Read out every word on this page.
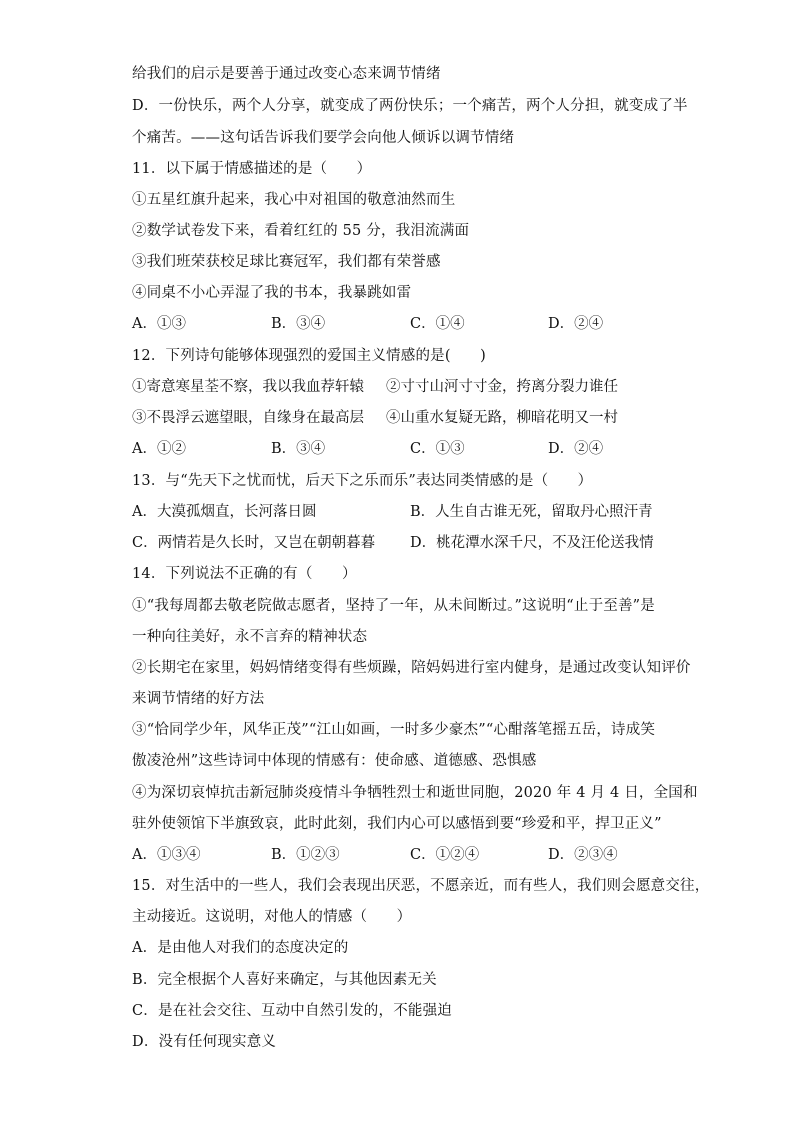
给我们的启示是要善于通过改变心态来调节情绪
D．一份快乐，两个人分享，就变成了两份快乐；一个痛苦，两个人分担，就变成了半
个痛苦。——这句话告诉我们要学会向他人倾诉以调节情绪
11．以下属于情感描述的是（　　）
①五星红旗升起来，我心中对祖国的敬意油然而生
②数学试卷发下来，看着红红的 55 分，我泪流满面
③我们班荣获校足球比赛冠军，我们都有荣誉感
④同桌不小心弄湿了我的书本，我暴跳如雷
A．①③	B．③④	C．①④	D．②④
12．下列诗句能够体现强烈的爱国主义情感的是(　　)
①寄意寒星荃不察，我以我血荐轩辕 ②寸寸山河寸寸金，挎离分裂力谁任
③不畏浮云遮望眼，自缘身在最高层 ④山重水复疑无路，柳暗花明又一村
A．①②	B．③④	C．①③	D．②④
13．与“先天下之忧而忧，后天下之乐而乐”表达同类情感的是（　　）
A．大漠孤烟直，长河落日圆	B．人生自古谁无死，留取丹心照汗青
C．两情若是久长时，又岂在朝朝暮暮 D．桃花潭水深千尺，不及汪伦送我情
14．下列说法不正确的有（　　）
①“我每周都去敬老院做志愿者，坚持了一年，从未间断过。”这说明“止于至善”是
一种向往美好，永不言弃的精神状态
②长期宅在家里，妈妈情绪变得有些烦躁，陪妈妈进行室内健身，是通过改变认知评价
来调节情绪的好方法
③“恰同学少年，风华正茂”“江山如画，一时多少豪杰”“心酣落笔摇五岳，诗成笑
傲凌沧州”这些诗词中体现的情感有：使命感、道德感、恐惧感
④为深切哀悼抗击新冠肺炎疫情斗争牺牲烈士和逝世同胞，2020 年 4 月 4 日，全国和
驻外使领馆下半旗致哀，此时此刻，我们内心可以感悟到要“珍爱和平，捍卫正义”
A．①③④	B．①②③	C．①②④	D．②③④
15．对生活中的一些人，我们会表现出厌恶，不愿亲近，而有些人，我们则会愿意交往，
主动接近。这说明，对他人的情感（　　）
A．是由他人对我们的态度决定的
B．完全根据个人喜好来确定，与其他因素无关
C．是在社会交往、互动中自然引发的，不能强迫
D．没有任何现实意义
